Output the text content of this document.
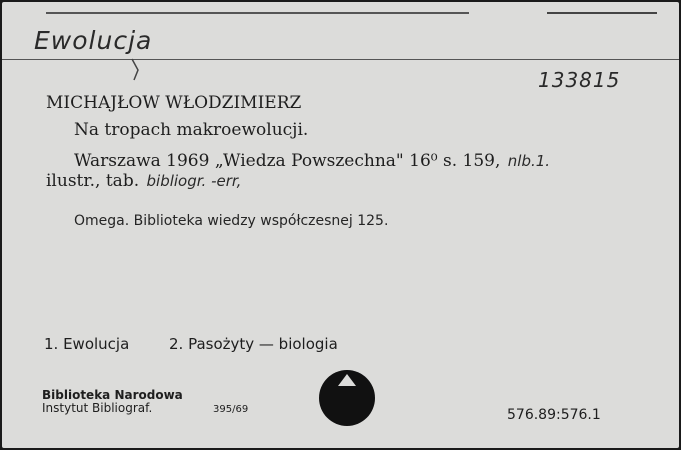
Ewolucja
133815
MICHAJŁOW WŁODZIMIERZ
Na tropach makroewolucji.
Warszawa 1969 „Wiedza Powszechna" 16⁰ s. 159, nlb.1.
ilustr., tab. bibliogr. -err,
Omega. Biblioteka wiedzy współczesnej 125.
1. Ewolucja	2. Pasożyty — biologia
Biblioteka Narodowa
Instytut Bibliograf.	395/69	576.89:576.1
